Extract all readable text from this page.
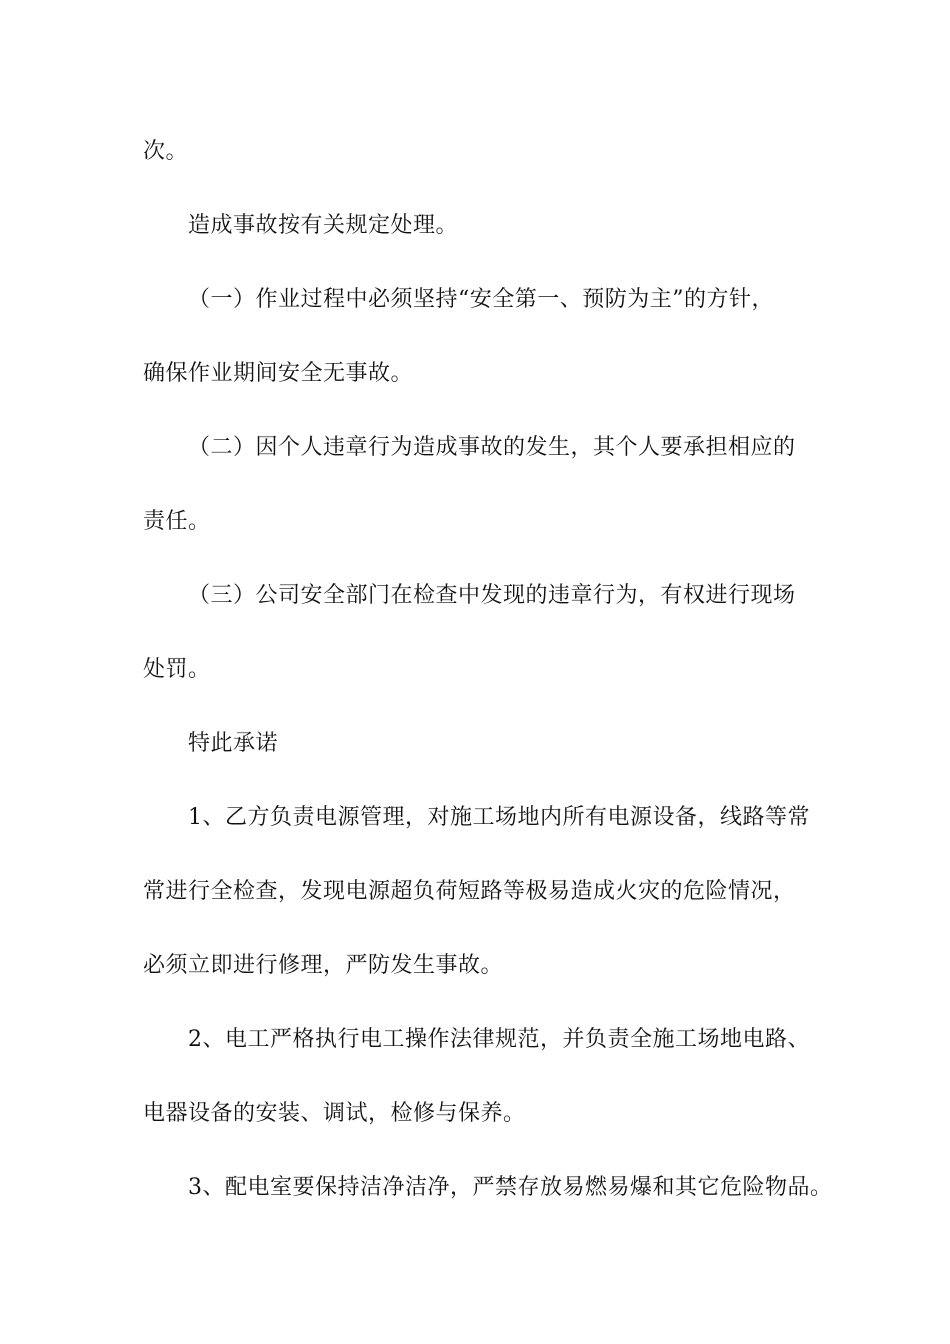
次。
造成事故按有关规定处理。
（一）作业过程中必须坚持“安全第一、预防为主”的方针，
确保作业期间安全无事故。
（二）因个人违章行为造成事故的发生，其个人要承担相应的
责任。
（三）公司安全部门在检查中发现的违章行为，有权进行现场
处罚。
特此承诺
1、乙方负责电源管理，对施工场地内所有电源设备，线路等常
常进行全检查，发现电源超负荷短路等极易造成火灾的危险情况，
必须立即进行修理，严防发生事故。
2、电工严格执行电工操作法律规范，并负责全施工场地电路、
电器设备的安装、调试，检修与保养。
3、配电室要保持洁净洁净，严禁存放易燃易爆和其它危险物品。
